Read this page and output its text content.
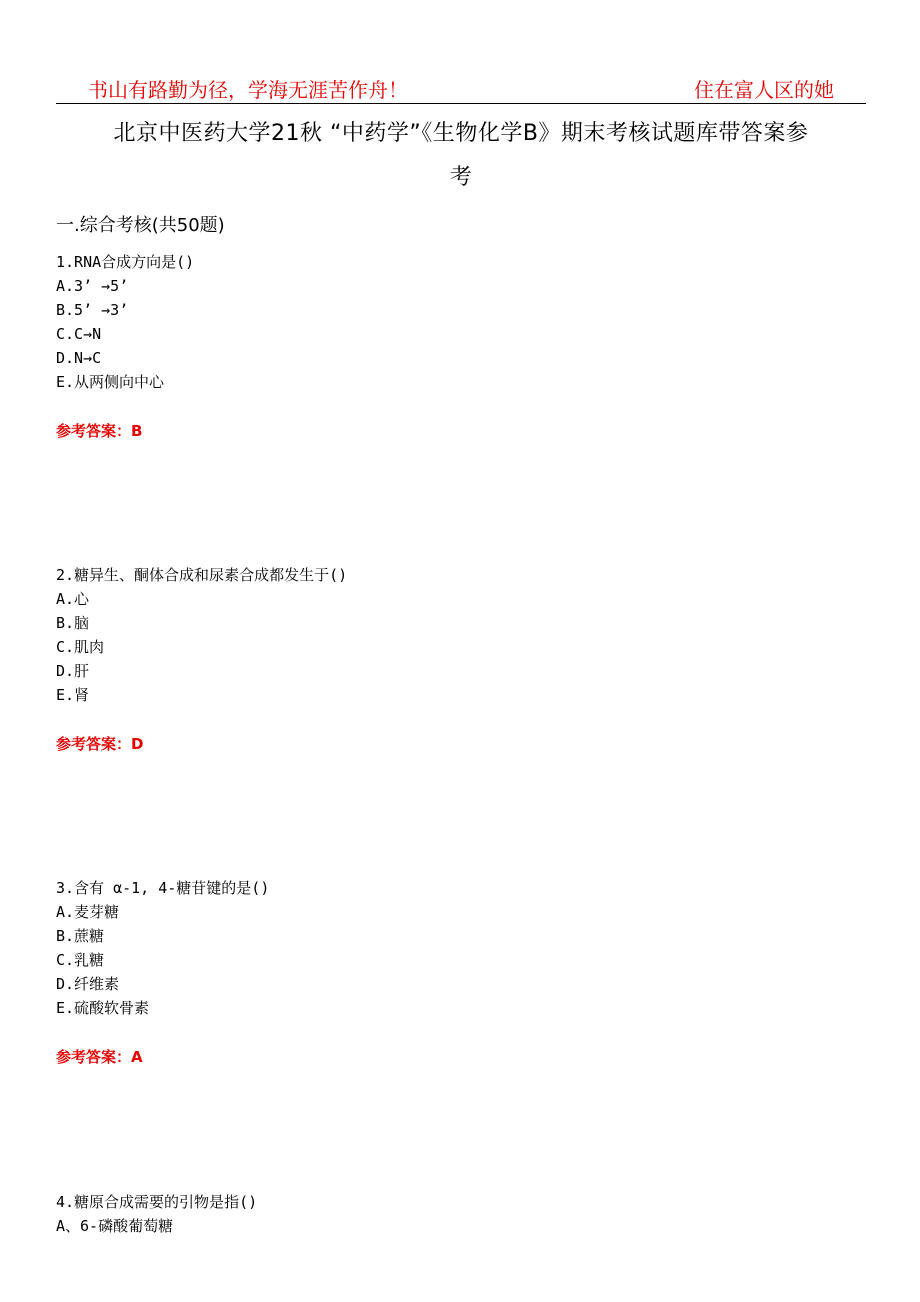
书山有路勤为径，学海无涯苦作舟！	住在富人区的她
北京中医药大学21秋 “中药学”《生物化学B》期末考核试题库带答案参
考
一.综合考核(共50题)
1.RNA合成方向是()
A.3’ →5’
B.5’ →3’
C.C→N
D.N→C
E.从两侧向中心
参考答案：B
2.糖异生、酮体合成和尿素合成都发生于()
A.心
B.脑
C.肌肉
D.肝
E.肾
参考答案：D
3.含有 α-1, 4-糖苷键的是()
A.麦芽糖
B.蔗糖
C.乳糖
D.纤维素
E.硫酸软骨素
参考答案：A
4.糖原合成需要的引物是指()
A、6-磷酸葡萄糖
